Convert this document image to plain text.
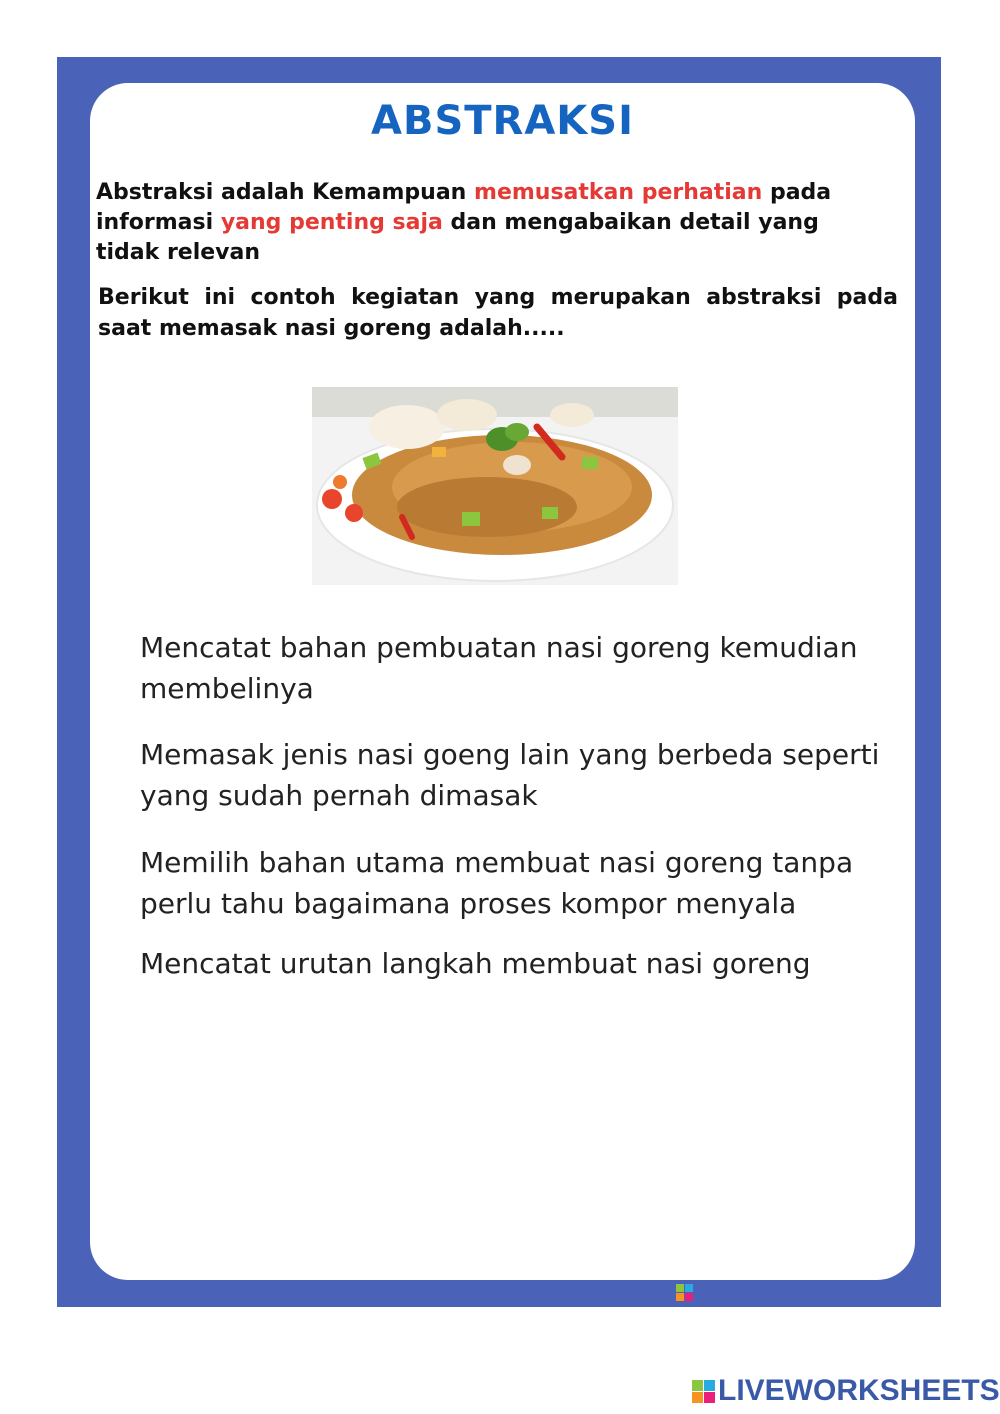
ABSTRAKSI
Abstraksi adalah Kemampuan memusatkan perhatian pada informasi yang penting saja dan mengabaikan detail yang tidak relevan
Berikut ini contoh kegiatan yang merupakan abstraksi pada saat memasak nasi goreng adalah.....
Mencatat bahan pembuatan nasi goreng kemudian membelinya
Memasak jenis nasi goeng lain yang berbeda seperti yang sudah pernah dimasak
Memilih bahan utama membuat nasi goreng tanpa perlu tahu bagaimana proses kompor menyala
Mencatat urutan langkah membuat nasi goreng
LIVEWORKSHEETS
LIVEWORKSHEETS
